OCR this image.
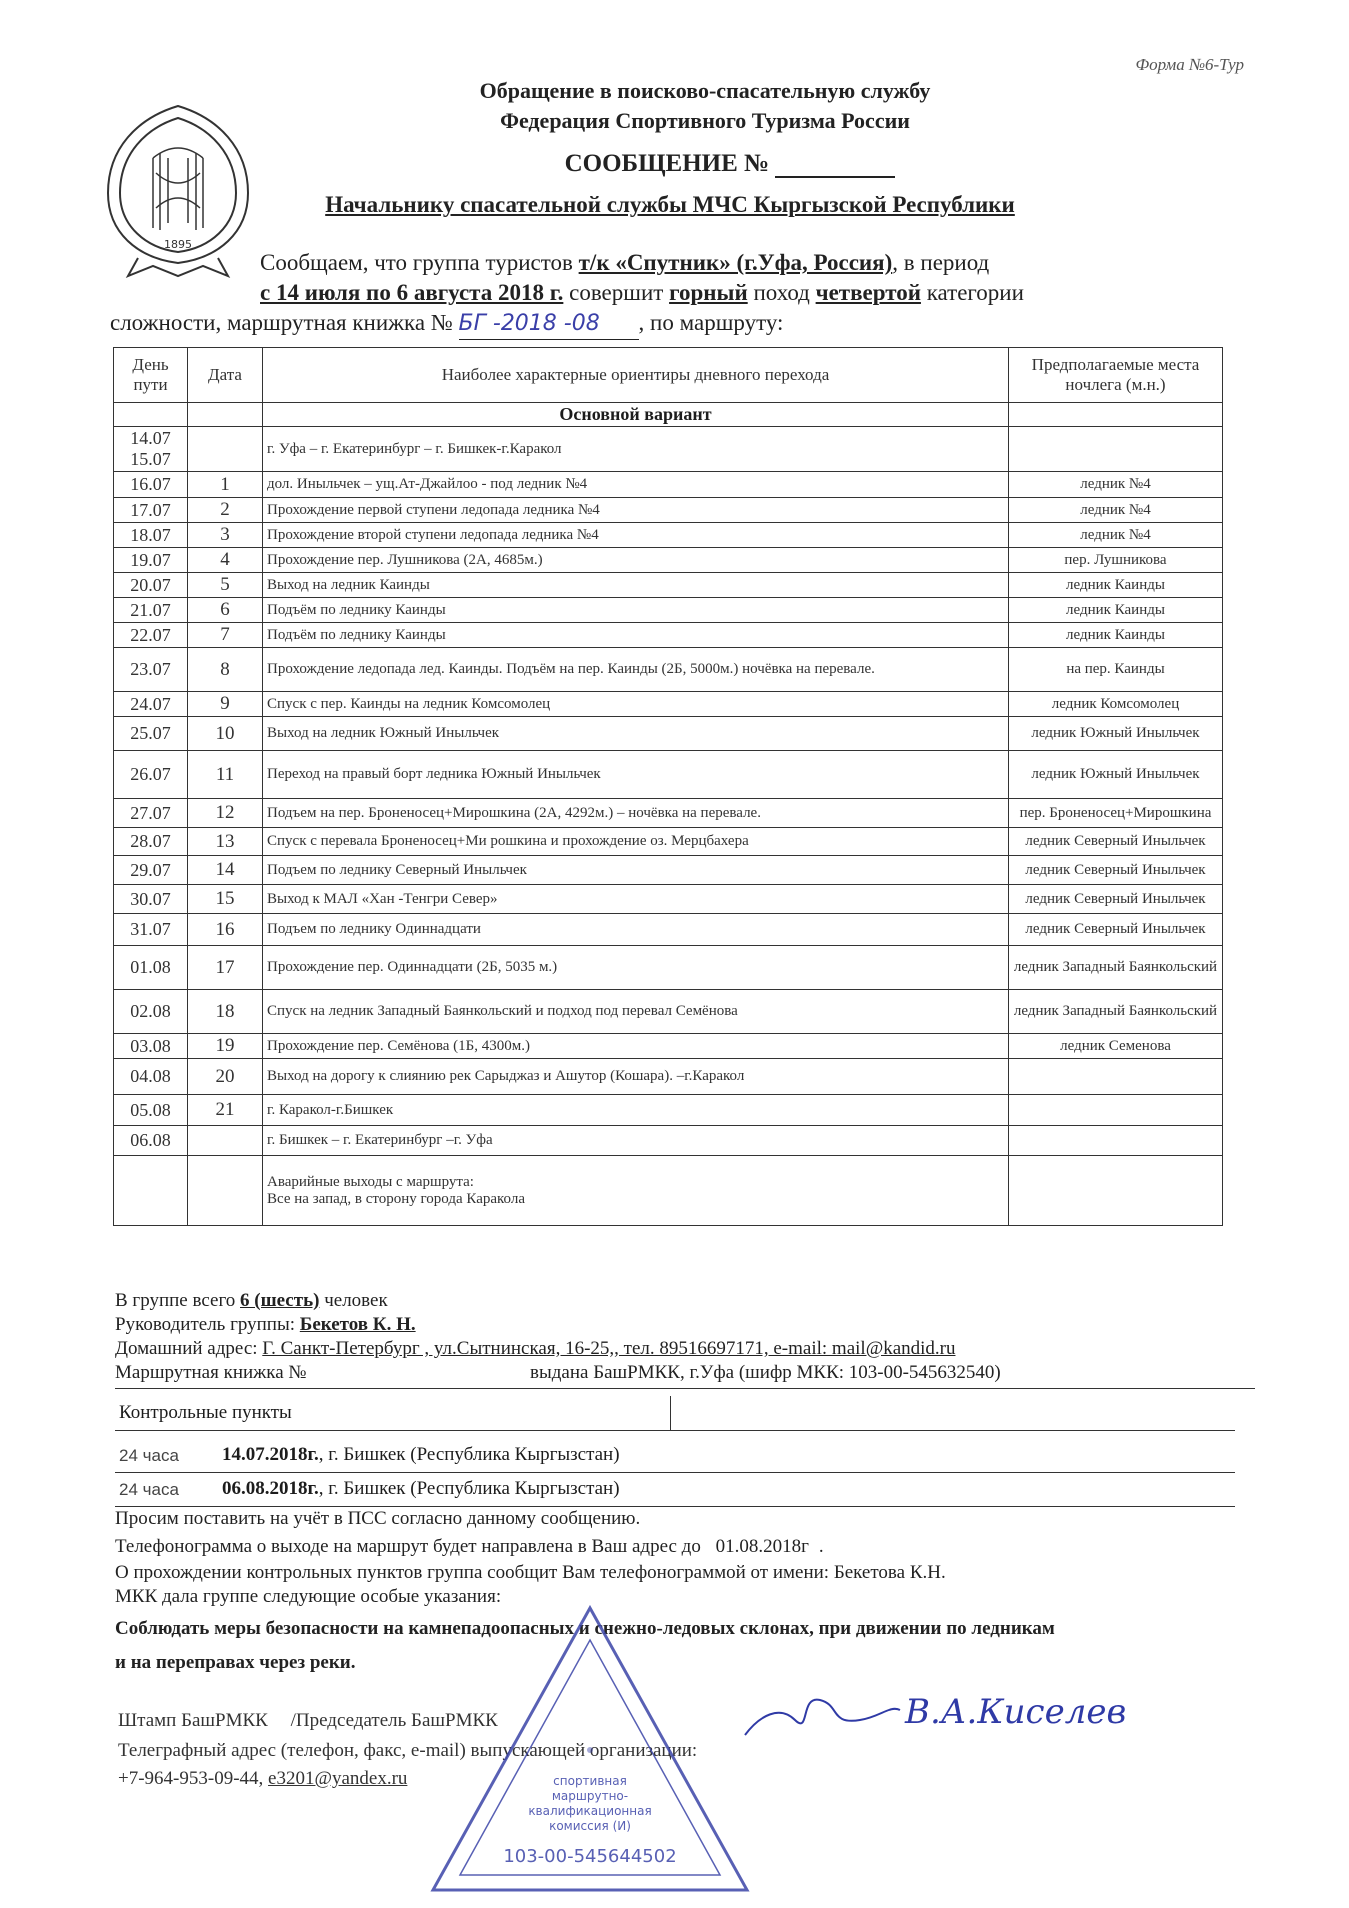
Форма №6-Тур
1895
Обращение в поисково-спасательную службу
Федерация Спортивного Туризма России
СООБЩЕНИЕ №
Начальнику спасательной службы МЧС Кыргызской Республики
Сообщаем, что группа туристов т/к «Спутник» (г.Уфа, Россия), в период
с 14 июля по 6 августа 2018 г. совершит горный поход четвертой категории
сложности, маршрутная книжка № БГ -2018 -08 , по маршруту:
День пути	Дата	Наиболее характерные ориентиры дневного перехода	Предполагаемые места ночлега (м.н.)
		Основной вариант	
14.07
15.07		г. Уфа – г. Екатеринбург – г. Бишкек-г.Каракол	
16.07	1	дол. Иныльчек – ущ.Ат-Джайлоо - под ледник №4	ледник №4
17.07	2	Прохождение первой ступени ледопада ледника №4	ледник №4
18.07	3	Прохождение второй ступени ледопада ледника №4	ледник №4
19.07	4	Прохождение пер. Лушникова (2А, 4685м.)	пер. Лушникова
20.07	5	Выход на ледник Каинды	ледник Каинды
21.07	6	Подъём по леднику Каинды	ледник Каинды
22.07	7	Подъём по леднику Каинды	ледник Каинды
23.07	8	Прохождение ледопада лед. Каинды. Подъём на пер. Каинды (2Б, 5000м.) ночёвка на перевале.	на пер. Каинды
24.07	9	Спуск с пер. Каинды на ледник Комсомолец	ледник Комсомолец
25.07	10	Выход на ледник Южный Иныльчек	ледник Южный Иныльчек
26.07	11	Переход на правый борт ледника Южный Иныльчек	ледник Южный Иныльчек
27.07	12	Подъем на пер. Броненосец+Мирошкина (2А, 4292м.) – ночёвка на перевале.	пер. Броненосец+Мирошкина
28.07	13	Спуск с перевала Броненосец+Ми рошкина и прохождение оз. Мерцбахера	ледник Северный Иныльчек
29.07	14	Подъем по леднику Северный Иныльчек	ледник Северный Иныльчек
30.07	15	Выход к МАЛ «Хан -Тенгри Север»	ледник Северный Иныльчек
31.07	16	Подъем по леднику Одиннадцати	ледник Северный Иныльчек
01.08	17	Прохождение пер. Одиннадцати (2Б, 5035 м.)	ледник Западный Баянкольский
02.08	18	Спуск на ледник Западный Баянкольский и подход под перевал Семёнова	ледник Западный Баянкольский
03.08	19	Прохождение пер. Семёнова (1Б, 4300м.)	ледник Семенова
04.08	20	Выход на дорогу к слиянию рек Сарыджаз и Ашутор (Кошара). –г.Каракол	
05.08	21	г. Каракол-г.Бишкек	
06.08		г. Бишкек – г. Екатеринбург –г. Уфа	
		Аварийные выходы с маршрута:
Все на запад, в сторону города Каракола	
В группе всего 6 (шесть) человек
Руководитель группы: Бекетов К. Н.
Домашний адрес: Г. Санкт-Петербург , ул.Сытнинская, 16-25,, тел. 89516697171, e-mail: mail@kandid.ru
Маршрутная книжка №	выдана БашРМКК, г.Уфа (шифр МКК: 103-00-545632540)
Контрольные пункты
24 часа 14.07.2018г., г. Бишкек (Республика Кыргызстан)
24 часа 06.08.2018г., г. Бишкек (Республика Кыргызстан)
Просим поставить на учёт в ПСС согласно данному сообщению.
Телефонограмма о выходе на маршрут будет направлена в Ваш адрес до 01.08.2018г .
О прохождении контрольных пунктов группа сообщит Вам телефонограммой от имени: Бекетова К.Н.
МКК дала группе следующие особые указания:
Соблюдать меры безопасности на камнепадоопасных и снежно-ледовых склонах, при движении по ледникам
и на переправах через реки.
Штамп БашРМКК /Председатель БашРМКК
Телеграфный адрес (телефон, факс, e-mail) выпускающей организации:
+7-964-953-09-44, e3201@yandex.ru
В.А.Киселев
спортивная
маршрутно-
квалификационная
комиссия (И)
103-00-545644502
